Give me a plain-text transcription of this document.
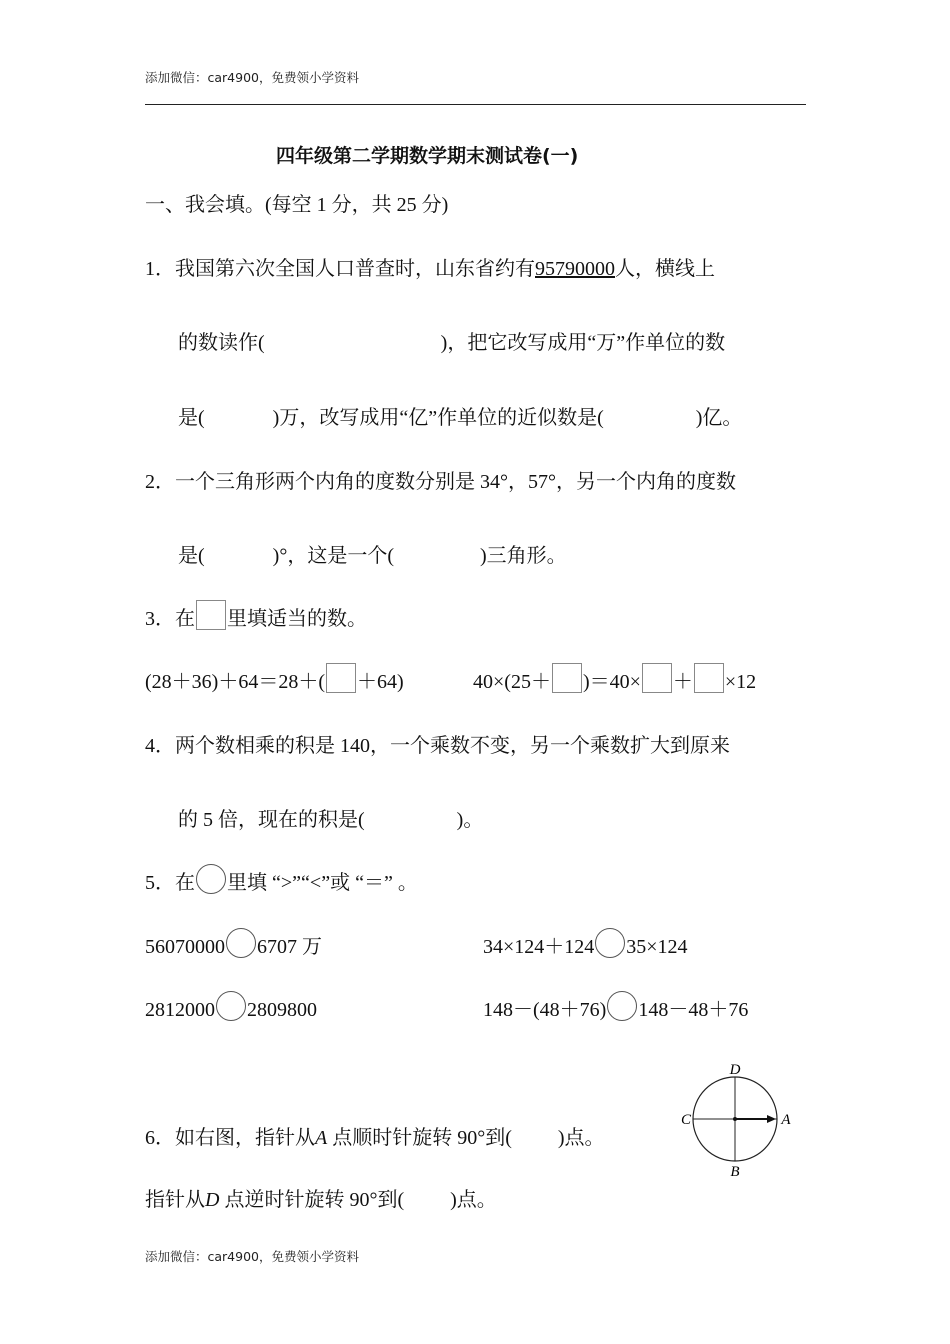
添加微信：car4900，免费领小学资料
四年级第二学期数学期末测试卷(一)
一、我会填。(每空 1 分，共 25 分)
1．我国第六次全国人口普查时，山东省约有95790000人，横线上
的数读作(	)，把它改写成用“万”作单位的数
是(	)万，改写成用“亿”作单位的近似数是(	)亿。
2．一个三角形两个内角的度数分别是 34°，57°，另一个内角的度数
是(	)°，这是一个(	)三角形。
3．在 里填适当的数。
(28＋36)＋64＝28＋( ＋64)	40×(25＋ )＝40× ＋ ×12
4．两个数相乘的积是 140，一个乘数不变，另一个乘数扩大到原来
的 5 倍，现在的积是(	)。
5．在 里填 “>”“<”或 “＝” 。
56070000 6707 万	34×124＋124 35×124
2812000 2809800	148－(48＋76) 148－48＋76
6．如右图，指针从A 点顺时针旋转 90°到( )点。
指针从D 点逆时针旋转 90°到( )点。
D
B
C	A
添加微信：car4900，免费领小学资料
